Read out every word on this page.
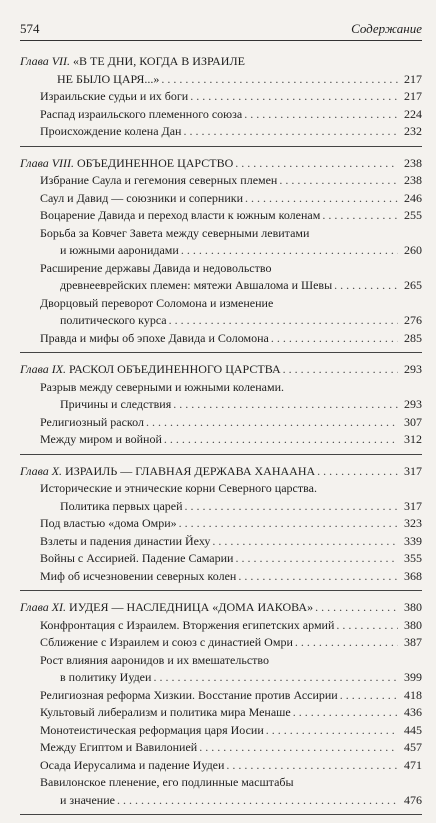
574	Содержание
Глава VII.
«В ТЕ ДНИ, КОГДА В ИЗРАИЛЕ
НЕ БЫЛО ЦАРЯ...» . . .	217
Израильские судьи и их боги . . .	217
Распад израильского племенного союза . . .	224
Происхождение колена Дан . . .	232
Глава VIII.
ОБЪЕДИНЕННОЕ ЦАРСТВО . . .	238
Избрание Саула и гегемония северных племен . . .	238
Саул и Давид — союзники и соперники . . .	246
Воцарение Давида и переход власти к южным коленам . . .	255
Борьба за Ковчег Завета между северными левитами
и южными aаронидами . . .	260
Расширение державы Давида и недовольство
древнееврейских племен: мятежи Авшалома и Шевы . . .	265
Дворцовый переворот Соломона и изменение
политического курса . . .	276
Правда и мифы об эпохе Давида и Соломона . . .	285
Глава IX.
РАСКОЛ ОБЪЕДИНЕННОГО ЦАРСТВА . . .	293
Разрыв между северными и южными коленами.
Причины и следствия . . .	293
Религиозный раскол . . .	307
Между миром и войной . . .	312
Глава X.
ИЗРАИЛЬ — ГЛАВНАЯ ДЕРЖАВА ХАНААНА . . .	317
Исторические и этнические корни Северного царства.
Политика первых царей . . .	317
Под властью «дома Омри» . . .	323
Взлеты и падения династии Йеху . . .	339
Войны с Ассирией. Падение Самарии . . .	355
Миф об исчезновении северных колен . . .	368
Глава XI.
ИУДЕЯ — НАСЛЕДНИЦА «ДОМА ИАКОВА» . . .	380
Конфронтация с Израилем. Вторжения египетских армий . . .	380
Сближение с Израилем и союз с династией Омри . . .	387
Рост влияния aаронидов и их вмешательство
в политику Иудеи . . .	399
Религиозная реформа Хизкии. Восстание против Ассирии . . .	418
Культовый либерализм и политика мира Менаше . . .	436
Монотеистическая реформация царя Иосии . . .	445
Между Египтом и Вавилонией . . .	457
Осада Иерусалима и падение Иудеи . . .	471
Вавилонское пленение, его подлинные масштабы
и значение . . .	476
